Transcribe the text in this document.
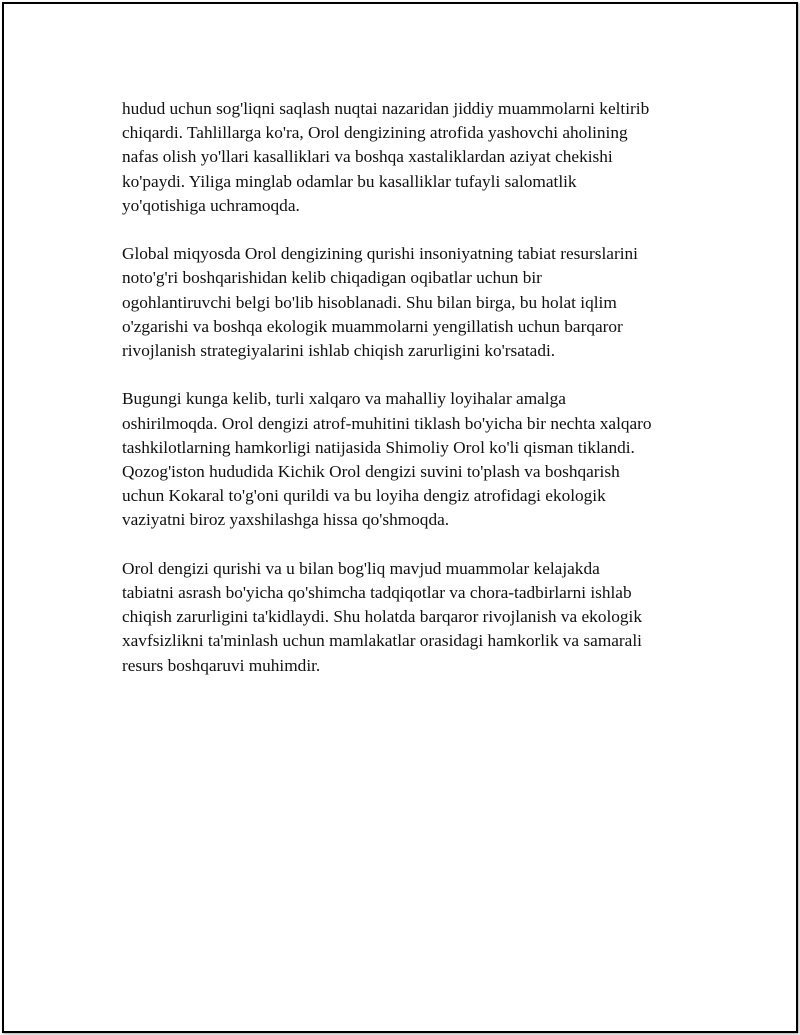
hudud uchun sog'liqni saqlash nuqtai nazaridan jiddiy muammolarni keltirib
chiqardi. Tahlillarga ko'ra, Orol dengizining atrofida yashovchi aholining
nafas olish yo'llari kasalliklari va boshqa xastaliklardan aziyat chekishi
ko'paydi. Yiliga minglab odamlar bu kasalliklar tufayli salomatlik
yo'qotishiga uchramoqda.

Global miqyosda Orol dengizining qurishi insoniyatning tabiat resurslarini
noto'g'ri boshqarishidan kelib chiqadigan oqibatlar uchun bir
ogohlantiruvchi belgi bo'lib hisoblanadi. Shu bilan birga, bu holat iqlim
o'zgarishi va boshqa ekologik muammolarni yengillatish uchun barqaror
rivojlanish strategiyalarini ishlab chiqish zarurligini ko'rsatadi.

Bugungi kunga kelib, turli xalqaro va mahalliy loyihalar amalga
oshirilmoqda. Orol dengizi atrof-muhitini tiklash bo'yicha bir nechta xalqaro
tashkilotlarning hamkorligi natijasida Shimoliy Orol ko'li qisman tiklandi.
Qozog'iston hududida Kichik Orol dengizi suvini to'plash va boshqarish
uchun Kokaral to'g'oni qurildi va bu loyiha dengiz atrofidagi ekologik
vaziyatni biroz yaxshilashga hissa qo'shmoqda.

Orol dengizi qurishi va u bilan bog'liq mavjud muammolar kelajakda
tabiatni asrash bo'yicha qo'shimcha tadqiqotlar va chora-tadbirlarni ishlab
chiqish zarurligini ta'kidlaydi. Shu holatda barqaror rivojlanish va ekologik
xavfsizlikni ta'minlash uchun mamlakatlar orasidagi hamkorlik va samarali
resurs boshqaruvi muhimdir.
